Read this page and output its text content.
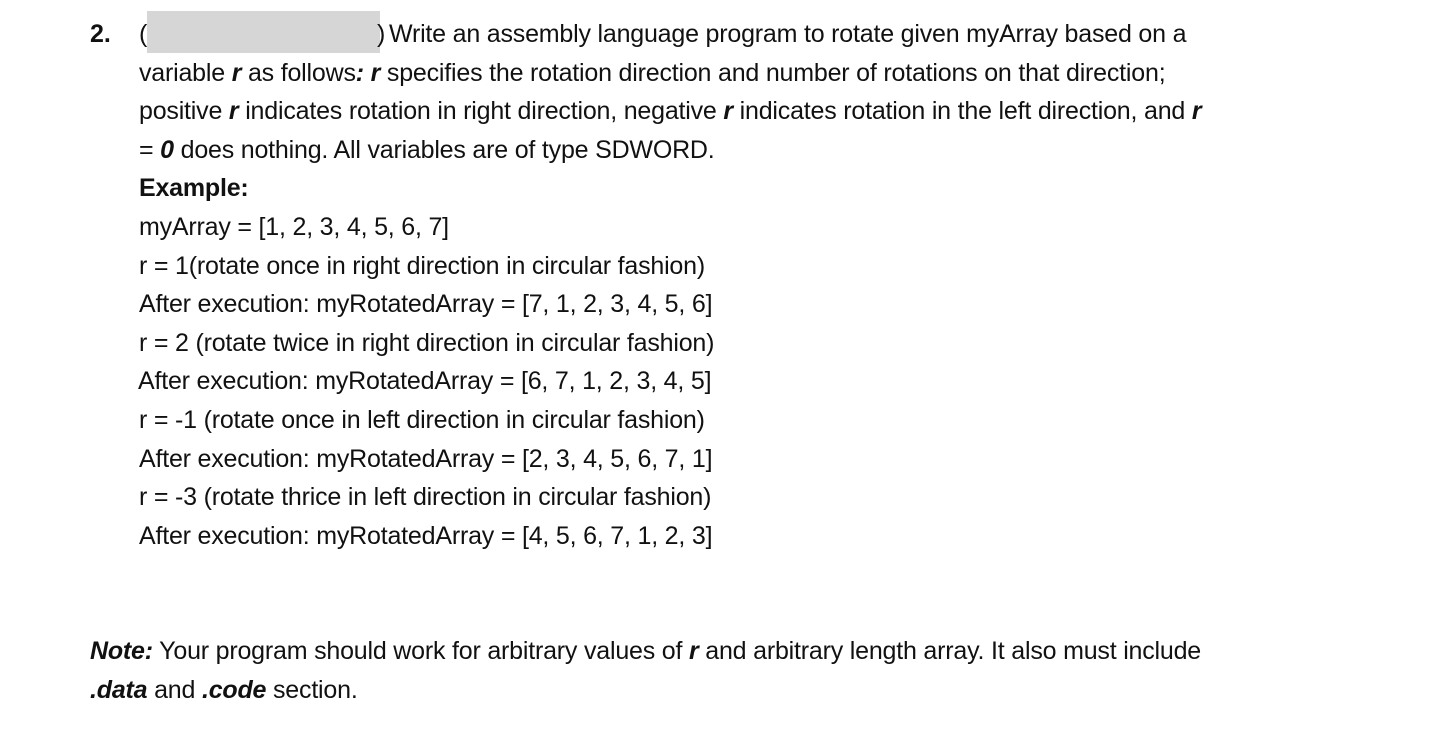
2. (	) Write an assembly language program to rotate given myArray based on a
variable r as follows: r specifies the rotation direction and number of rotations on that direction;
positive r indicates rotation in right direction, negative r indicates rotation in the left direction, and r
= 0 does nothing. All variables are of type SDWORD.
Example:
myArray = [1, 2, 3, 4, 5, 6, 7]
r = 1(rotate once in right direction in circular fashion)
After execution: myRotatedArray = [7, 1, 2, 3, 4, 5, 6]
r = 2 (rotate twice in right direction in circular fashion)
After execution: myRotatedArray = [6, 7, 1, 2, 3, 4, 5]
r = -1 (rotate once in left direction in circular fashion)
After execution: myRotatedArray = [2, 3, 4, 5, 6, 7, 1]
r = -3 (rotate thrice in left direction in circular fashion)
After execution: myRotatedArray = [4, 5, 6, 7, 1, 2, 3]
Note: Your program should work for arbitrary values of r and arbitrary length array. It also must include
.data and .code section.
